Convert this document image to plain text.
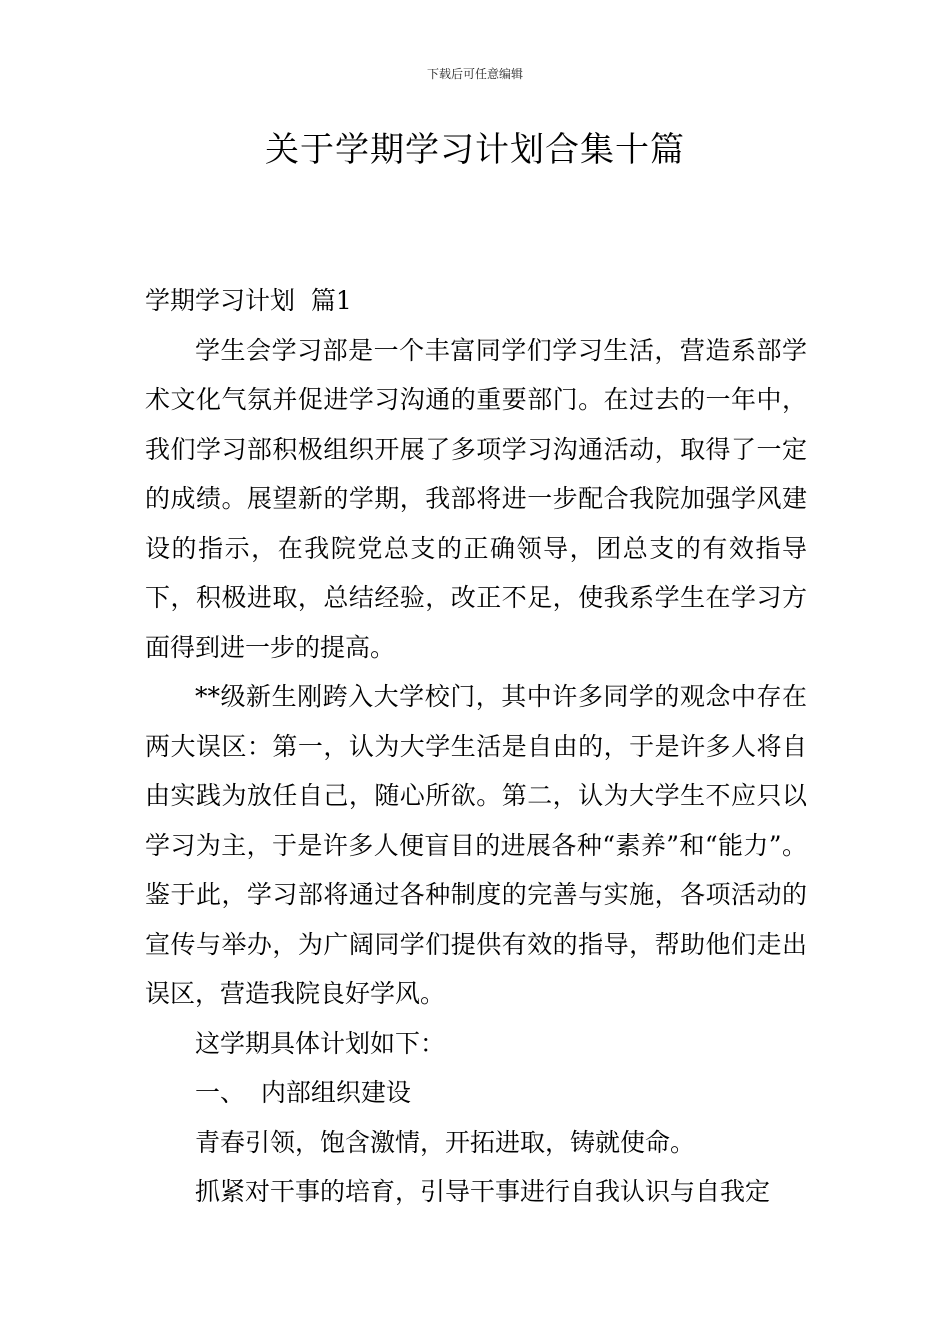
下载后可任意编辑
关于学期学习计划合集十篇

学期学习计划  篇1

学生会学习部是一个丰富同学们学习生活，营造系部学术文化气氛并促进学习沟通的重要部门。在过去的一年中，我们学习部积极组织开展了多项学习沟通活动，取得了一定的成绩。展望新的学期，我部将进一步配合我院加强学风建设的指示，在我院党总支的正确领导，团总支的有效指导下，积极进取，总结经验，改正不足，使我系学生在学习方面得到进一步的提高。

**级新生刚跨入大学校门，其中许多同学的观念中存在两大误区：第一，认为大学生活是自由的，于是许多人将自由实践为放任自己，随心所欲。第二，认为大学生不应只以学习为主，于是许多人便盲目的进展各种“素养”和“能力”。鉴于此，学习部将通过各种制度的完善与实施，各项活动的宣传与举办，为广阔同学们提供有效的指导，帮助他们走出误区，营造我院良好学风。

这学期具体计划如下：

一、  内部组织建设

青春引领，饱含激情，开拓进取，铸就使命。

抓紧对干事的培育，引导干事进行自我认识与自我定
